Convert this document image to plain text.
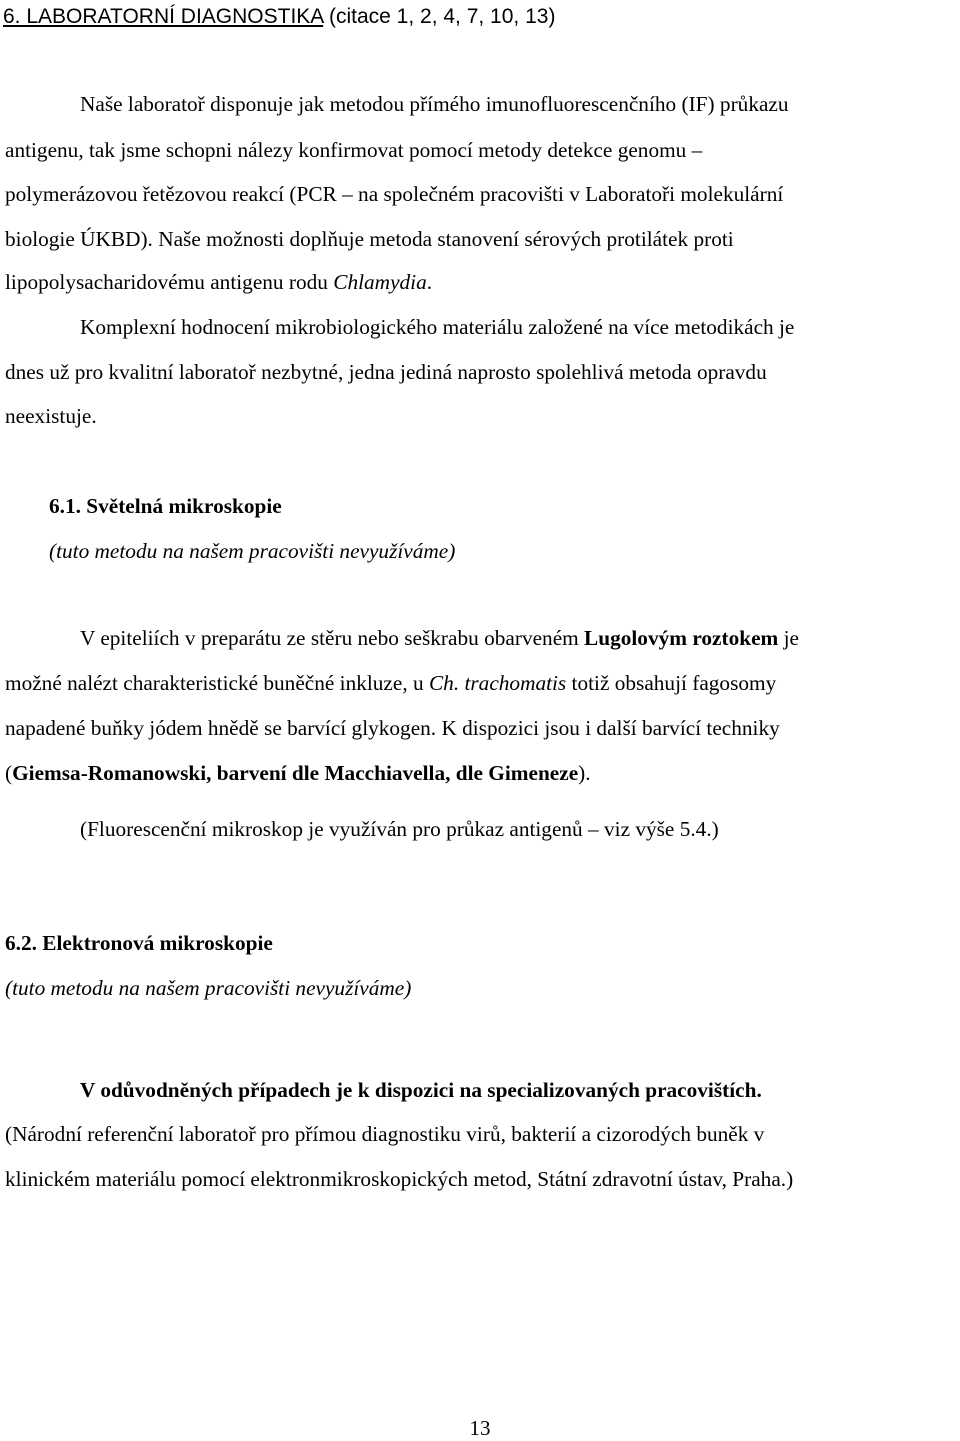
6. LABORATORNÍ DIAGNOSTIKA (citace 1, 2, 4, 7, 10, 13)
Naše laboratoř disponuje jak metodou přímého imunofluorescenčního (IF) průkazu
antigenu, tak jsme schopni nálezy konfirmovat pomocí metody detekce genomu –
polymerázovou řetězovou reakcí (PCR – na společném pracovišti v Laboratoři molekulární
biologie ÚKBD). Naše možnosti doplňuje metoda stanovení sérových protilátek proti
lipopolysacharidovému antigenu rodu Chlamydia.
Komplexní hodnocení mikrobiologického materiálu založené na více metodikách je
dnes už pro kvalitní laboratoř nezbytné, jedna jediná naprosto spolehlivá metoda opravdu
neexistuje.
6.1. Světelná mikroskopie
(tuto metodu na našem pracovišti nevyužíváme)
V epiteliích v preparátu ze stěru nebo seškrabu obarveném Lugolovým roztokem je
možné nalézt charakteristické buněčné inkluze, u Ch. trachomatis totiž obsahují fagosomy
napadené buňky jódem hnědě se barvící glykogen. K dispozici jsou i další barvící techniky
(Giemsa-Romanowski, barvení dle Macchiavella, dle Gimeneze).
(Fluorescenční mikroskop je využíván pro průkaz antigenů – viz výše 5.4.)
6.2. Elektronová mikroskopie
(tuto metodu na našem pracovišti nevyužíváme)
V odůvodněných případech je k dispozici na specializovaných pracovištích.
(Národní referenční laboratoř pro přímou diagnostiku virů, bakterií a cizorodých buněk v
klinickém materiálu pomocí elektronmikroskopických metod, Státní zdravotní ústav, Praha.)
13
